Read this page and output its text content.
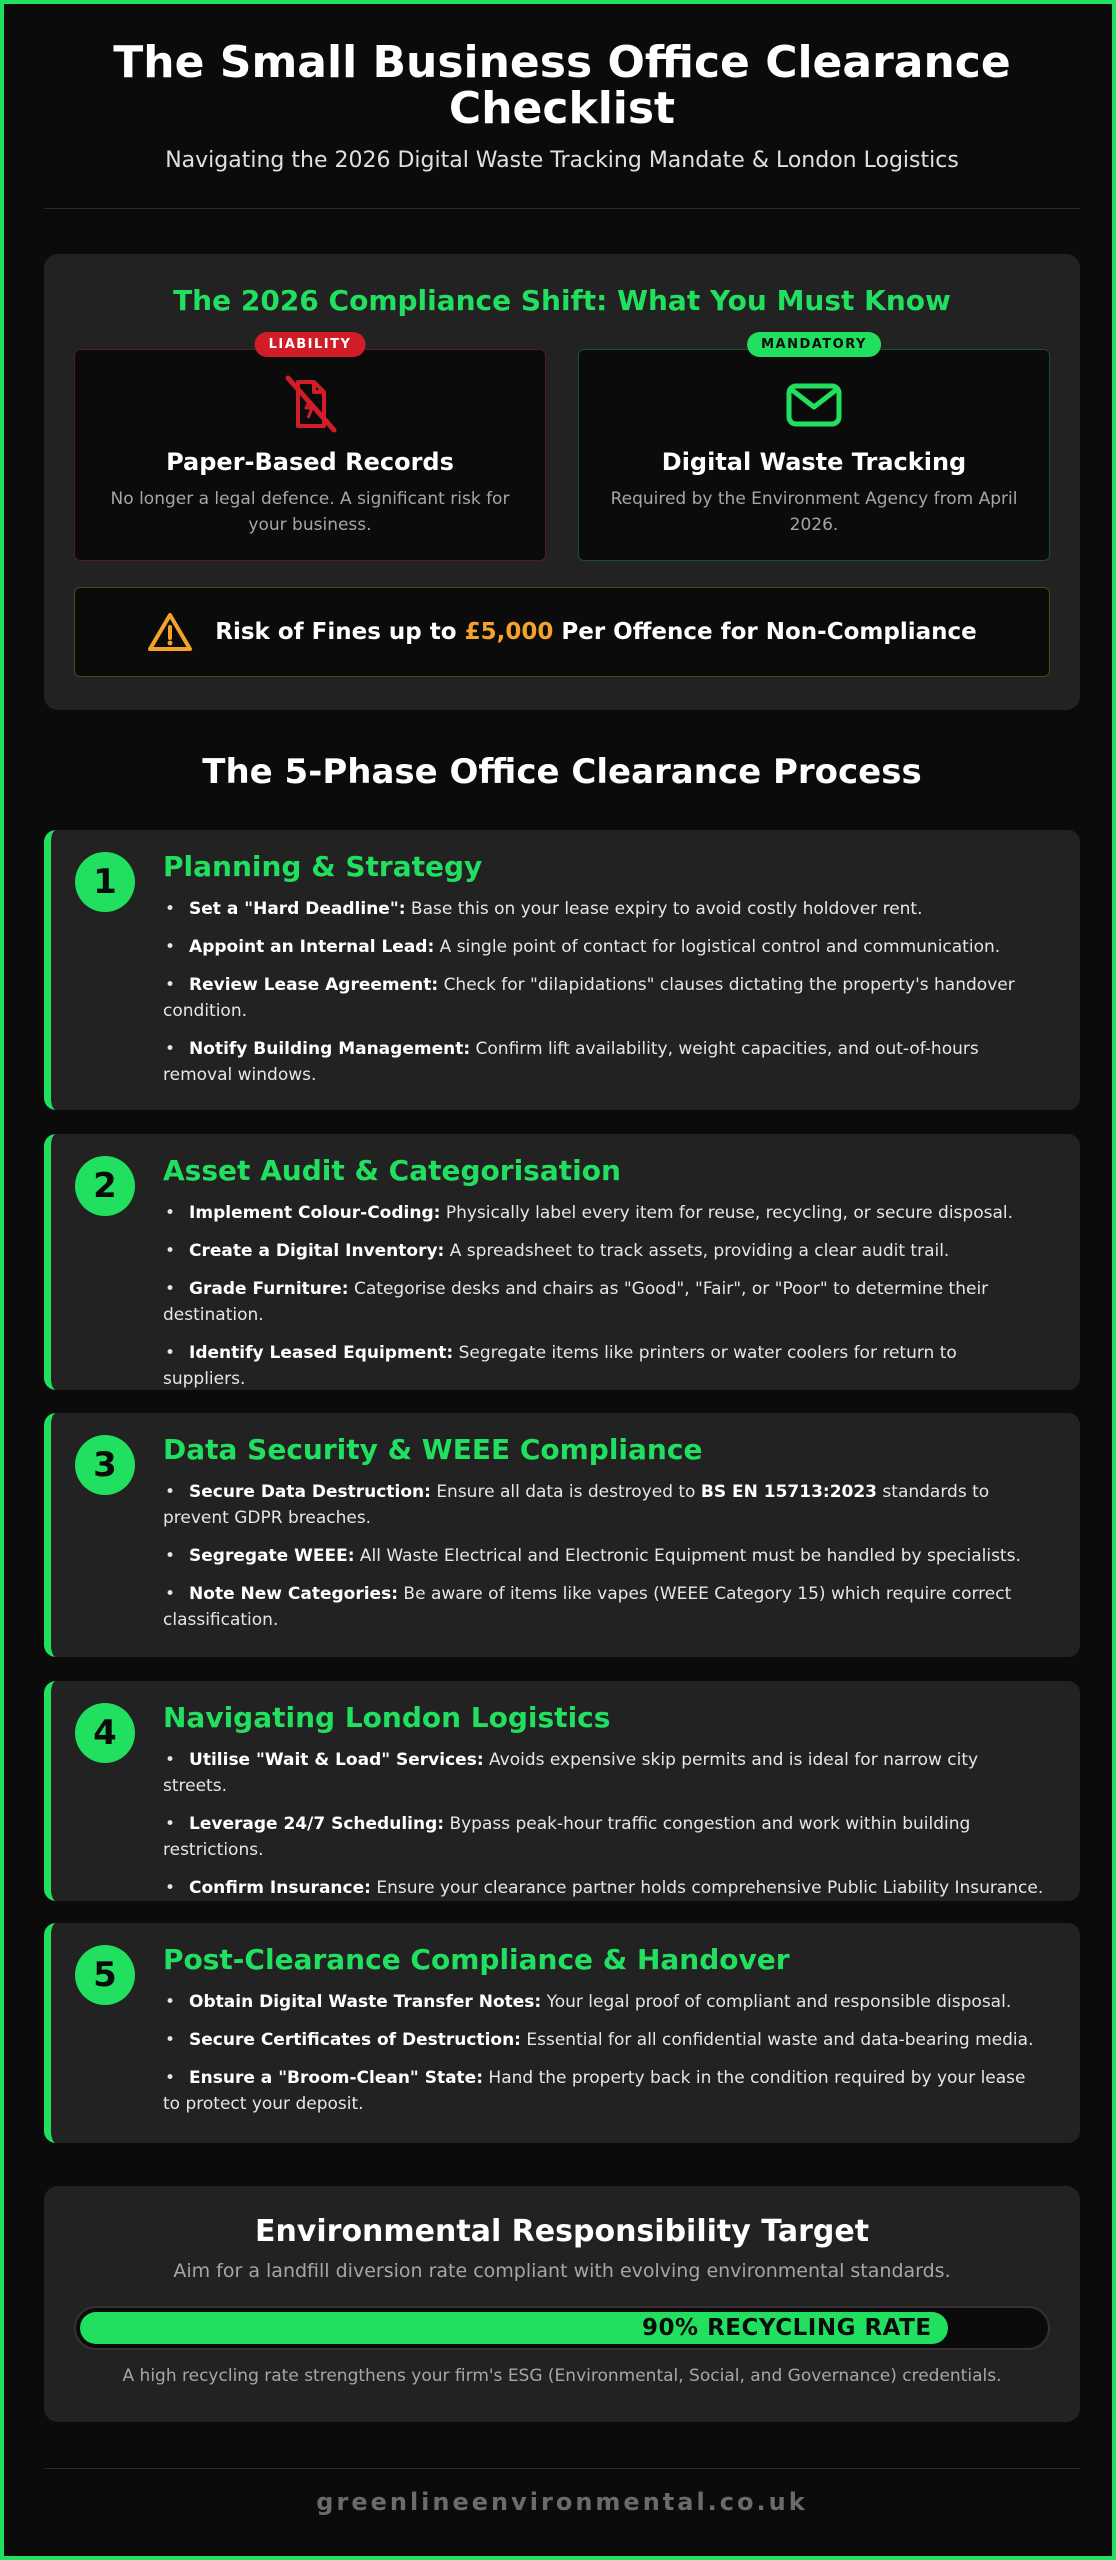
The Small Business Office Clearance Checklist

Navigating the 2026 Digital Waste Tracking Mandate & London Logistics

The 2026 Compliance Shift: What You Must Know
LIABILITY
Paper-Based Records
No longer a legal defence. A significant risk for your business.
MANDATORY
Digital Waste Tracking
Required by the Environment Agency from April 2026.
Risk of Fines up to £5,000 Per Offence for Non-Compliance
The 5-Phase Office Clearance Process
1	Planning & Strategy
• Set a "Hard Deadline": Base this on your lease expiry to avoid costly holdover rent.
• Appoint an Internal Lead: A single point of contact for logistical control and communication.
• Review Lease Agreement: Check for "dilapidations" clauses dictating the property's handover condition.
• Notify Building Management: Confirm lift availability, weight capacities, and out-of-hours removal windows.
2	Asset Audit & Categorisation
• Implement Colour-Coding: Physically label every item for reuse, recycling, or secure disposal.
• Create a Digital Inventory: A spreadsheet to track assets, providing a clear audit trail.
• Grade Furniture: Categorise desks and chairs as "Good", "Fair", or "Poor" to determine their destination.
• Identify Leased Equipment: Segregate items like printers or water coolers for return to suppliers.
3	Data Security & WEEE Compliance
• Secure Data Destruction: Ensure all data is destroyed to BS EN 15713:2023 standards to prevent GDPR breaches.
• Segregate WEEE: All Waste Electrical and Electronic Equipment must be handled by specialists.
• Note New Categories: Be aware of items like vapes (WEEE Category 15) which require correct classification.
4	Navigating London Logistics
• Utilise "Wait & Load" Services: Avoids expensive skip permits and is ideal for narrow city streets.
• Leverage 24/7 Scheduling: Bypass peak-hour traffic congestion and work within building restrictions.
• Confirm Insurance: Ensure your clearance partner holds comprehensive Public Liability Insurance.
5	Post-Clearance Compliance & Handover
• Obtain Digital Waste Transfer Notes: Your legal proof of compliant and responsible disposal.
• Secure Certificates of Destruction: Essential for all confidential waste and data-bearing media.
• Ensure a "Broom-Clean" State: Hand the property back in the condition required by your lease to protect your deposit.
Environmental Responsibility Target

Aim for a landfill diversion rate compliant with evolving environmental standards.

90% RECYCLING RATE

A high recycling rate strengthens your firm's ESG (Environmental, Social, and Governance) credentials.

greenlineenvironmental.co.uk
